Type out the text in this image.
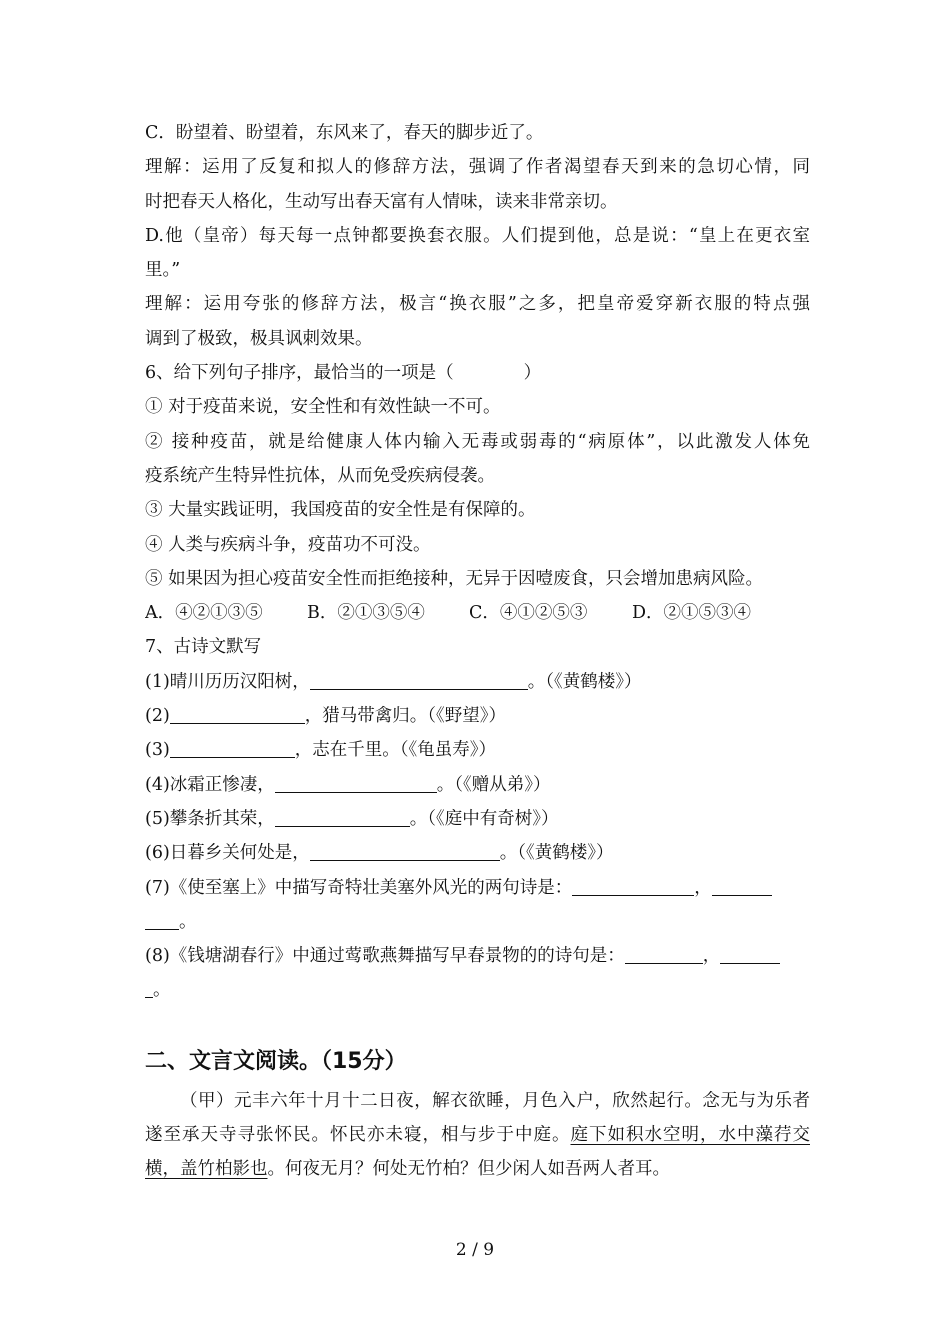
C．盼望着、盼望着，东风来了，春天的脚步近了。
理解：运用了反复和拟人的修辞方法，强调了作者渴望春天到来的急切心情，同
时把春天人格化，生动写出春天富有人情味，读来非常亲切。
D.他（皇帝）每天每一点钟都要换套衣服。人们提到他，总是说：“皇上在更衣室
里。”
理解：运用夸张的修辞方法，极言“换衣服”之多，把皇帝爱穿新衣服的特点强
调到了极致，极具讽刺效果。
6、给下列句子排序，最恰当的一项是（　　　　）
① 对于疫苗来说，安全性和有效性缺一不可。
② 接种疫苗，就是给健康人体内输入无毒或弱毒的“病原体”，以此激发人体免
疫系统产生特异性抗体，从而免受疾病侵袭。
③ 大量实践证明，我国疫苗的安全性是有保障的。
④ 人类与疾病斗争，疫苗功不可没。
⑤ 如果因为担心疫苗安全性而拒绝接种，无异于因噎废食，只会增加患病风险。
A．④②①③⑤	B．②①③⑤④	C．④①②⑤③	D．②①⑤③④
7、古诗文默写
(1)晴川历历汉阳树，	。（《黄鹤楼》）
(2)	，猎马带禽归。（《野望》）
(3)	，志在千里。（《龟虽寿》）
(4)冰霜正惨凄，	。（《赠从弟》）
(5)攀条折其荣，	。（《庭中有奇树》）
(6)日暮乡关何处是，	。（《黄鹤楼》）
(7)《使至塞上》中描写奇特壮美塞外风光的两句诗是：	，
。
(8)《钱塘湖春行》中通过莺歌燕舞描写早春景物的的诗句是：	，
。
二、文言文阅读。（15分）
（甲）元丰六年十月十二日夜，解衣欲睡，月色入户，欣然起行。念无与为乐者
遂至承天寺寻张怀民。怀民亦未寝，相与步于中庭。庭下如积水空明，水中藻荇交
横，盖竹柏影也。何夜无月？何处无竹柏？但少闲人如吾两人者耳。
2 / 9
